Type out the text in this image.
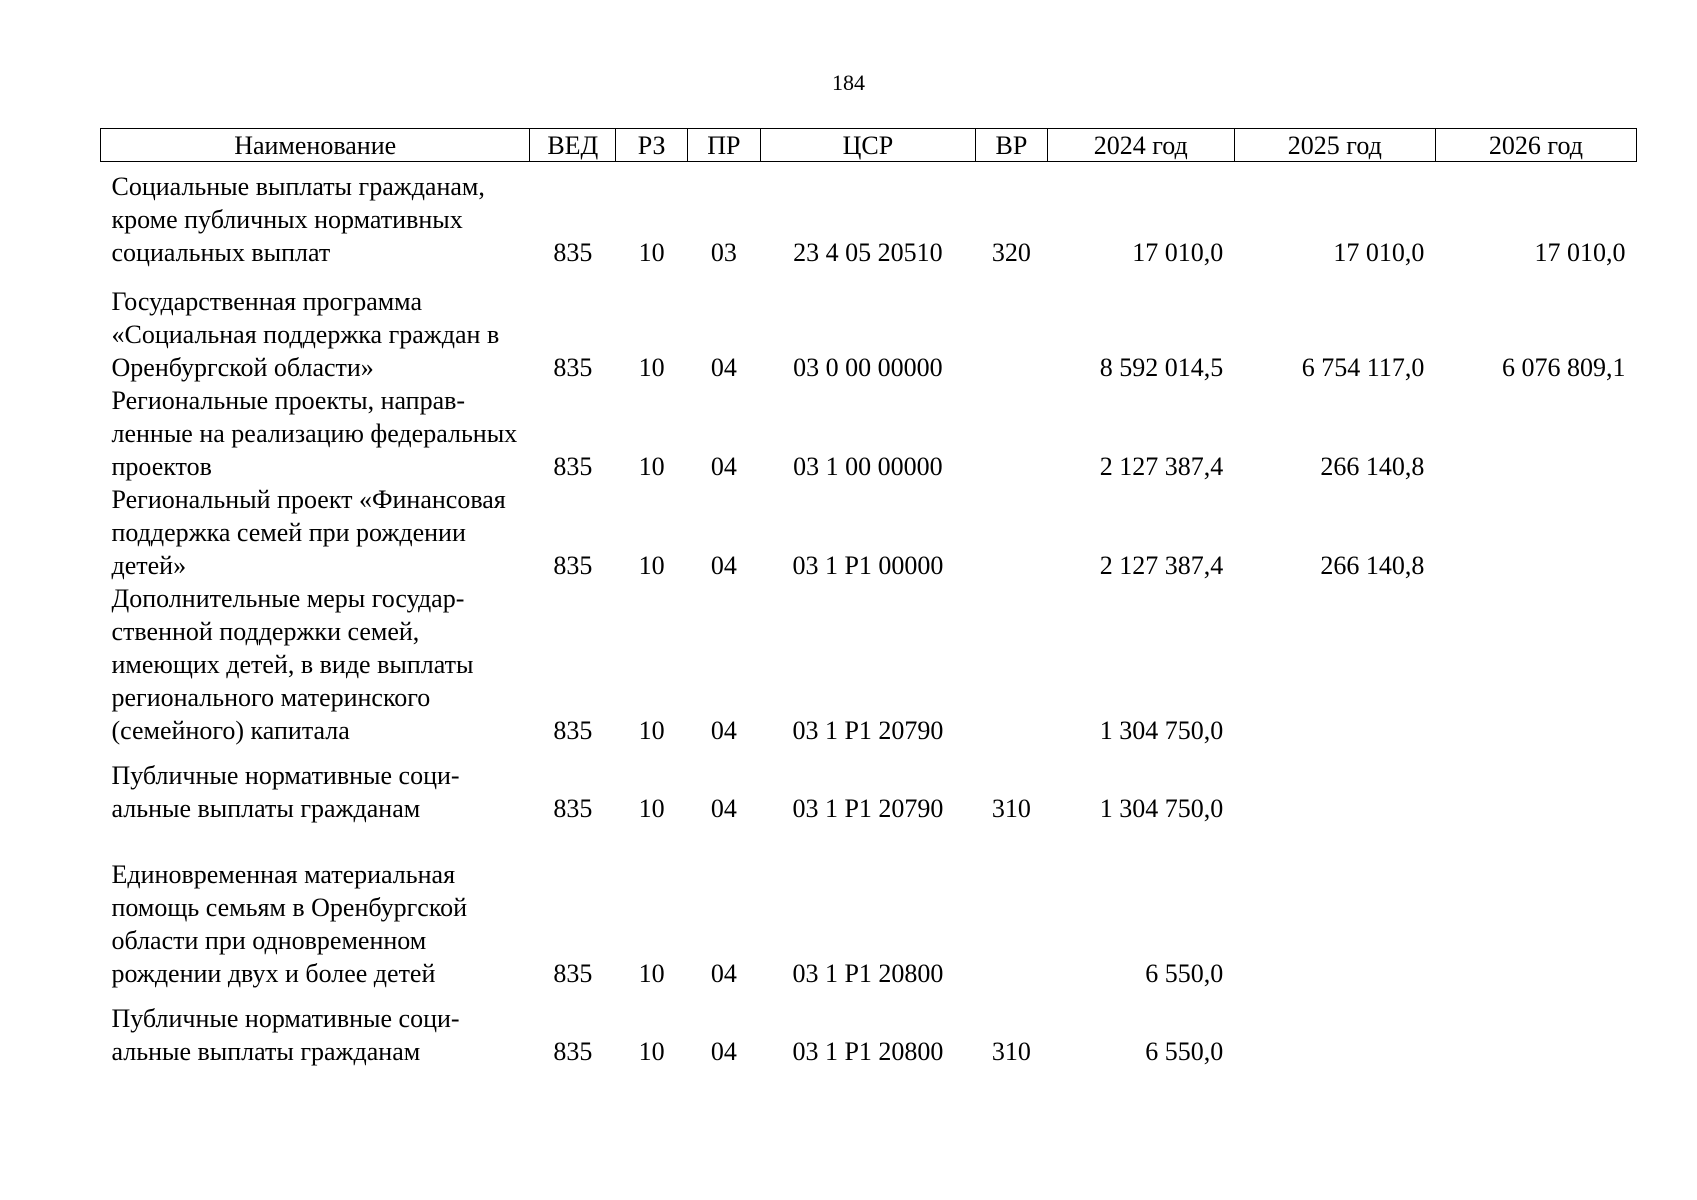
184
Наименование	ВЕД	РЗ	ПР	ЦСР	ВР	2024 год	2025 год	2026 год
Социальные выплаты гражданам, кроме публичных нормативных социальных выплат	835	10	03	23 4 05 20510	320	17 010,0	17 010,0	17 010,0
Государственная программа «Социальная поддержка граждан в Оренбургской области»	835	10	04	03 0 00 00000		8 592 014,5	6 754 117,0	6 076 809,1
Региональные проекты, направленные на реализацию федеральных проектов	835	10	04	03 1 00 00000		2 127 387,4	266 140,8	
Региональный проект «Финансовая поддержка семей при рождении детей»	835	10	04	03 1 Р1 00000		2 127 387,4	266 140,8	
Дополнительные меры государственной поддержки семей, имеющих детей, в виде выплаты регионального материнского (семейного) капитала	835	10	04	03 1 Р1 20790		1 304 750,0		
Публичные нормативные социальные выплаты гражданам	835	10	04	03 1 Р1 20790	310	1 304 750,0		
Единовременная материальная помощь семьям в Оренбургской области при одновременном рождении двух и более детей	835	10	04	03 1 Р1 20800		6 550,0		
Публичные нормативные социальные выплаты гражданам	835	10	04	03 1 Р1 20800	310	6 550,0		
